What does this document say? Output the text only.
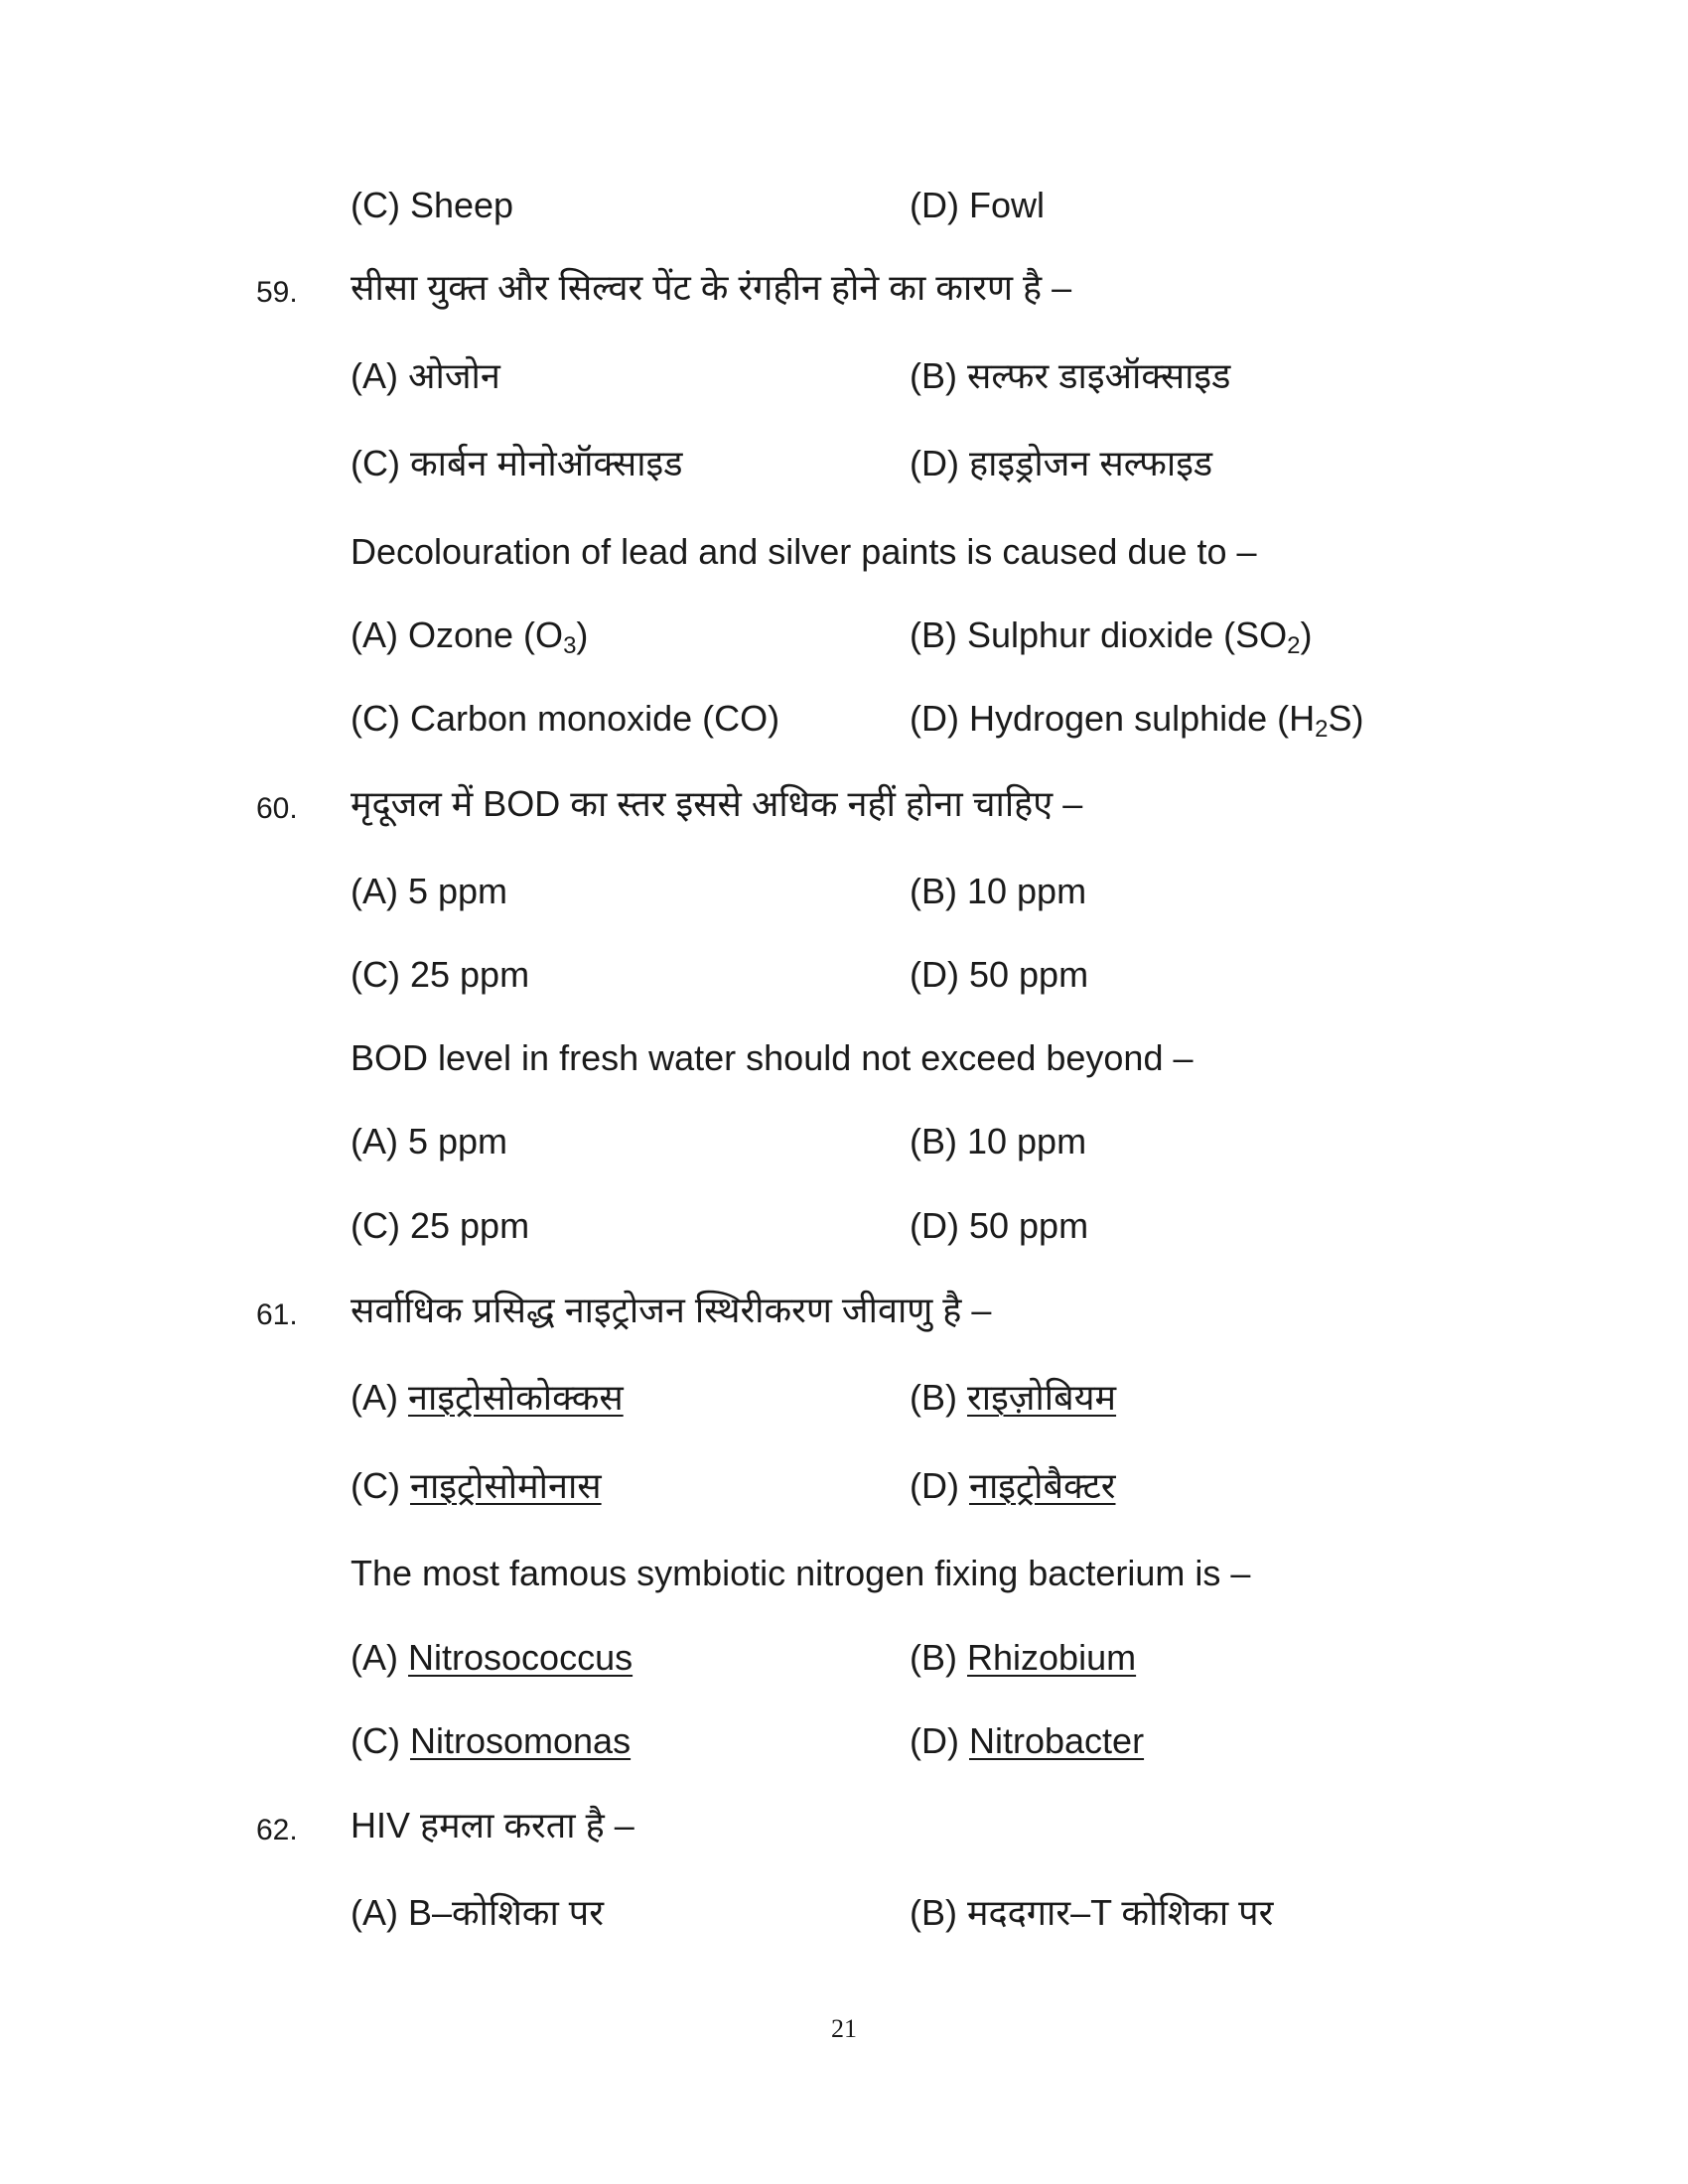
(C) Sheep	(D) Fowl
59. सीसा युक्त और सिल्वर पेंट के रंगहीन होने का कारण है –
(A) ओजोन	(B) सल्फर डाइऑक्साइड
(C) कार्बन मोनोऑक्साइड	(D) हाइड्रोजन सल्फाइड
Decolouration of lead and silver paints is caused due to –
(A) Ozone $(O_3)$	(B) Sulphur dioxide $(SO_2)$
(C) Carbon monoxide (CO)	(D) Hydrogen sulphide $(H_2S)$
60. मृदूजल में BOD का स्तर इससे अधिक नहीं होना चाहिए –
(A) 5 ppm	(B) 10 ppm
(C) 25 ppm	(D) 50 ppm
BOD level in fresh water should not exceed beyond –
(A) 5 ppm	(B) 10 ppm
(C) 25 ppm	(D) 50 ppm
61. सर्वाधिक प्रसिद्ध नाइट्रोजन स्थिरीकरण जीवाणु है –
(A) नाइट्रोसोकोक्कस	(B) राइज़ोबियम
(C) नाइट्रोसोमोनास	(D) नाइट्रोबैक्टर
The most famous symbiotic nitrogen fixing bacterium is –
(A) Nitrosococcus	(B) Rhizobium
(C) Nitrosomonas	(D) Nitrobacter
62. HIV हमला करता है –
(A) B–कोशिका पर	(B) मददगार–T कोशिका पर
21
